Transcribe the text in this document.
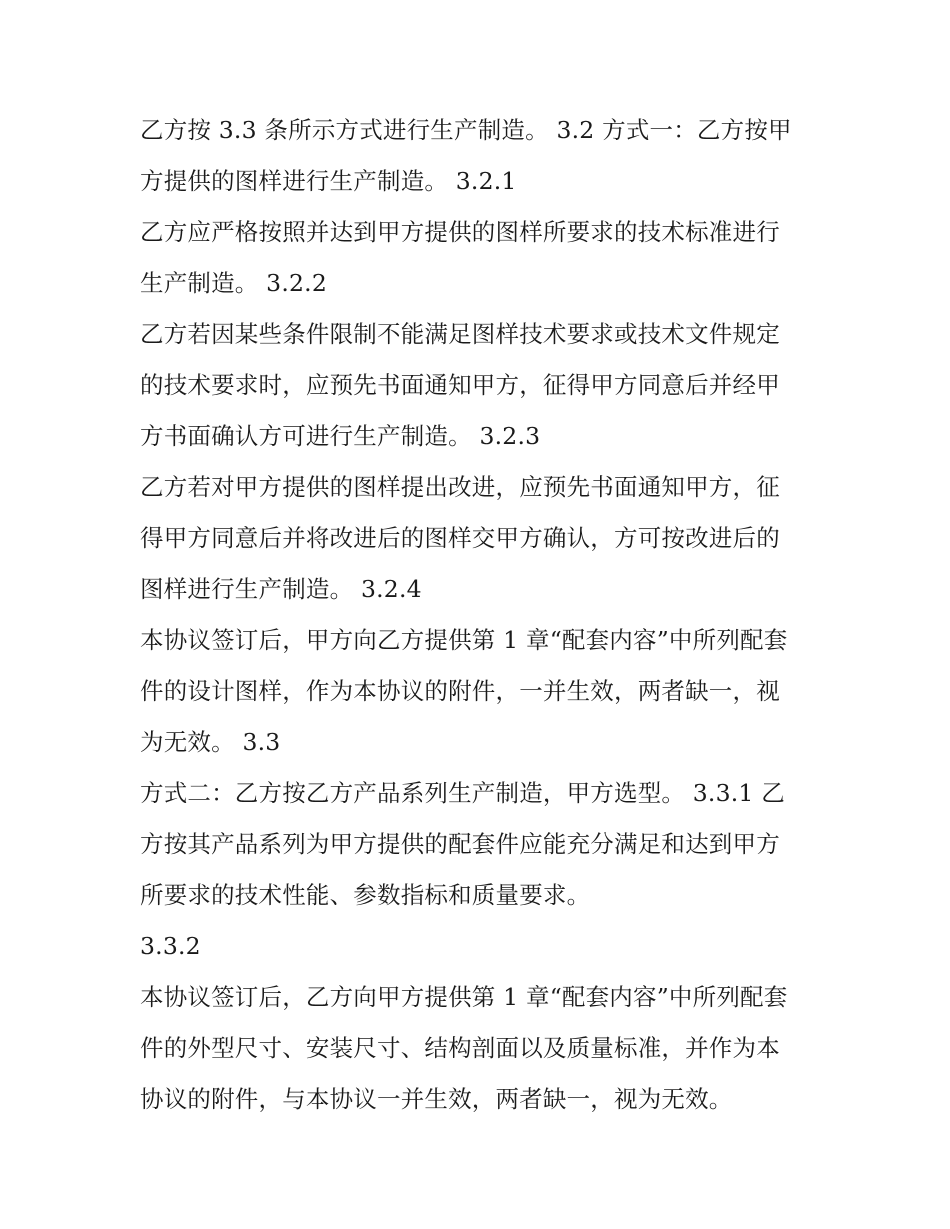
乙方按 3.3 条所示方式进行生产制造。 3.2 方式一：乙方按甲
方提供的图样进行生产制造。 3.2.1
乙方应严格按照并达到甲方提供的图样所要求的技术标准进行
生产制造。 3.2.2
乙方若因某些条件限制不能满足图样技术要求或技术文件规定
的技术要求时，应预先书面通知甲方，征得甲方同意后并经甲
方书面确认方可进行生产制造。 3.2.3
乙方若对甲方提供的图样提出改进，应预先书面通知甲方，征
得甲方同意后并将改进后的图样交甲方确认，方可按改进后的
图样进行生产制造。 3.2.4
本协议签订后，甲方向乙方提供第 1 章“配套内容”中所列配套
件的设计图样，作为本协议的附件，一并生效，两者缺一，视
为无效。 3.3
方式二：乙方按乙方产品系列生产制造，甲方选型。 3.3.1 乙
方按其产品系列为甲方提供的配套件应能充分满足和达到甲方
所要求的技术性能、参数指标和质量要求。
3.3.2
本协议签订后，乙方向甲方提供第 1 章“配套内容”中所列配套
件的外型尺寸、安装尺寸、结构剖面以及质量标准，并作为本
协议的附件，与本协议一并生效，两者缺一，视为无效。
